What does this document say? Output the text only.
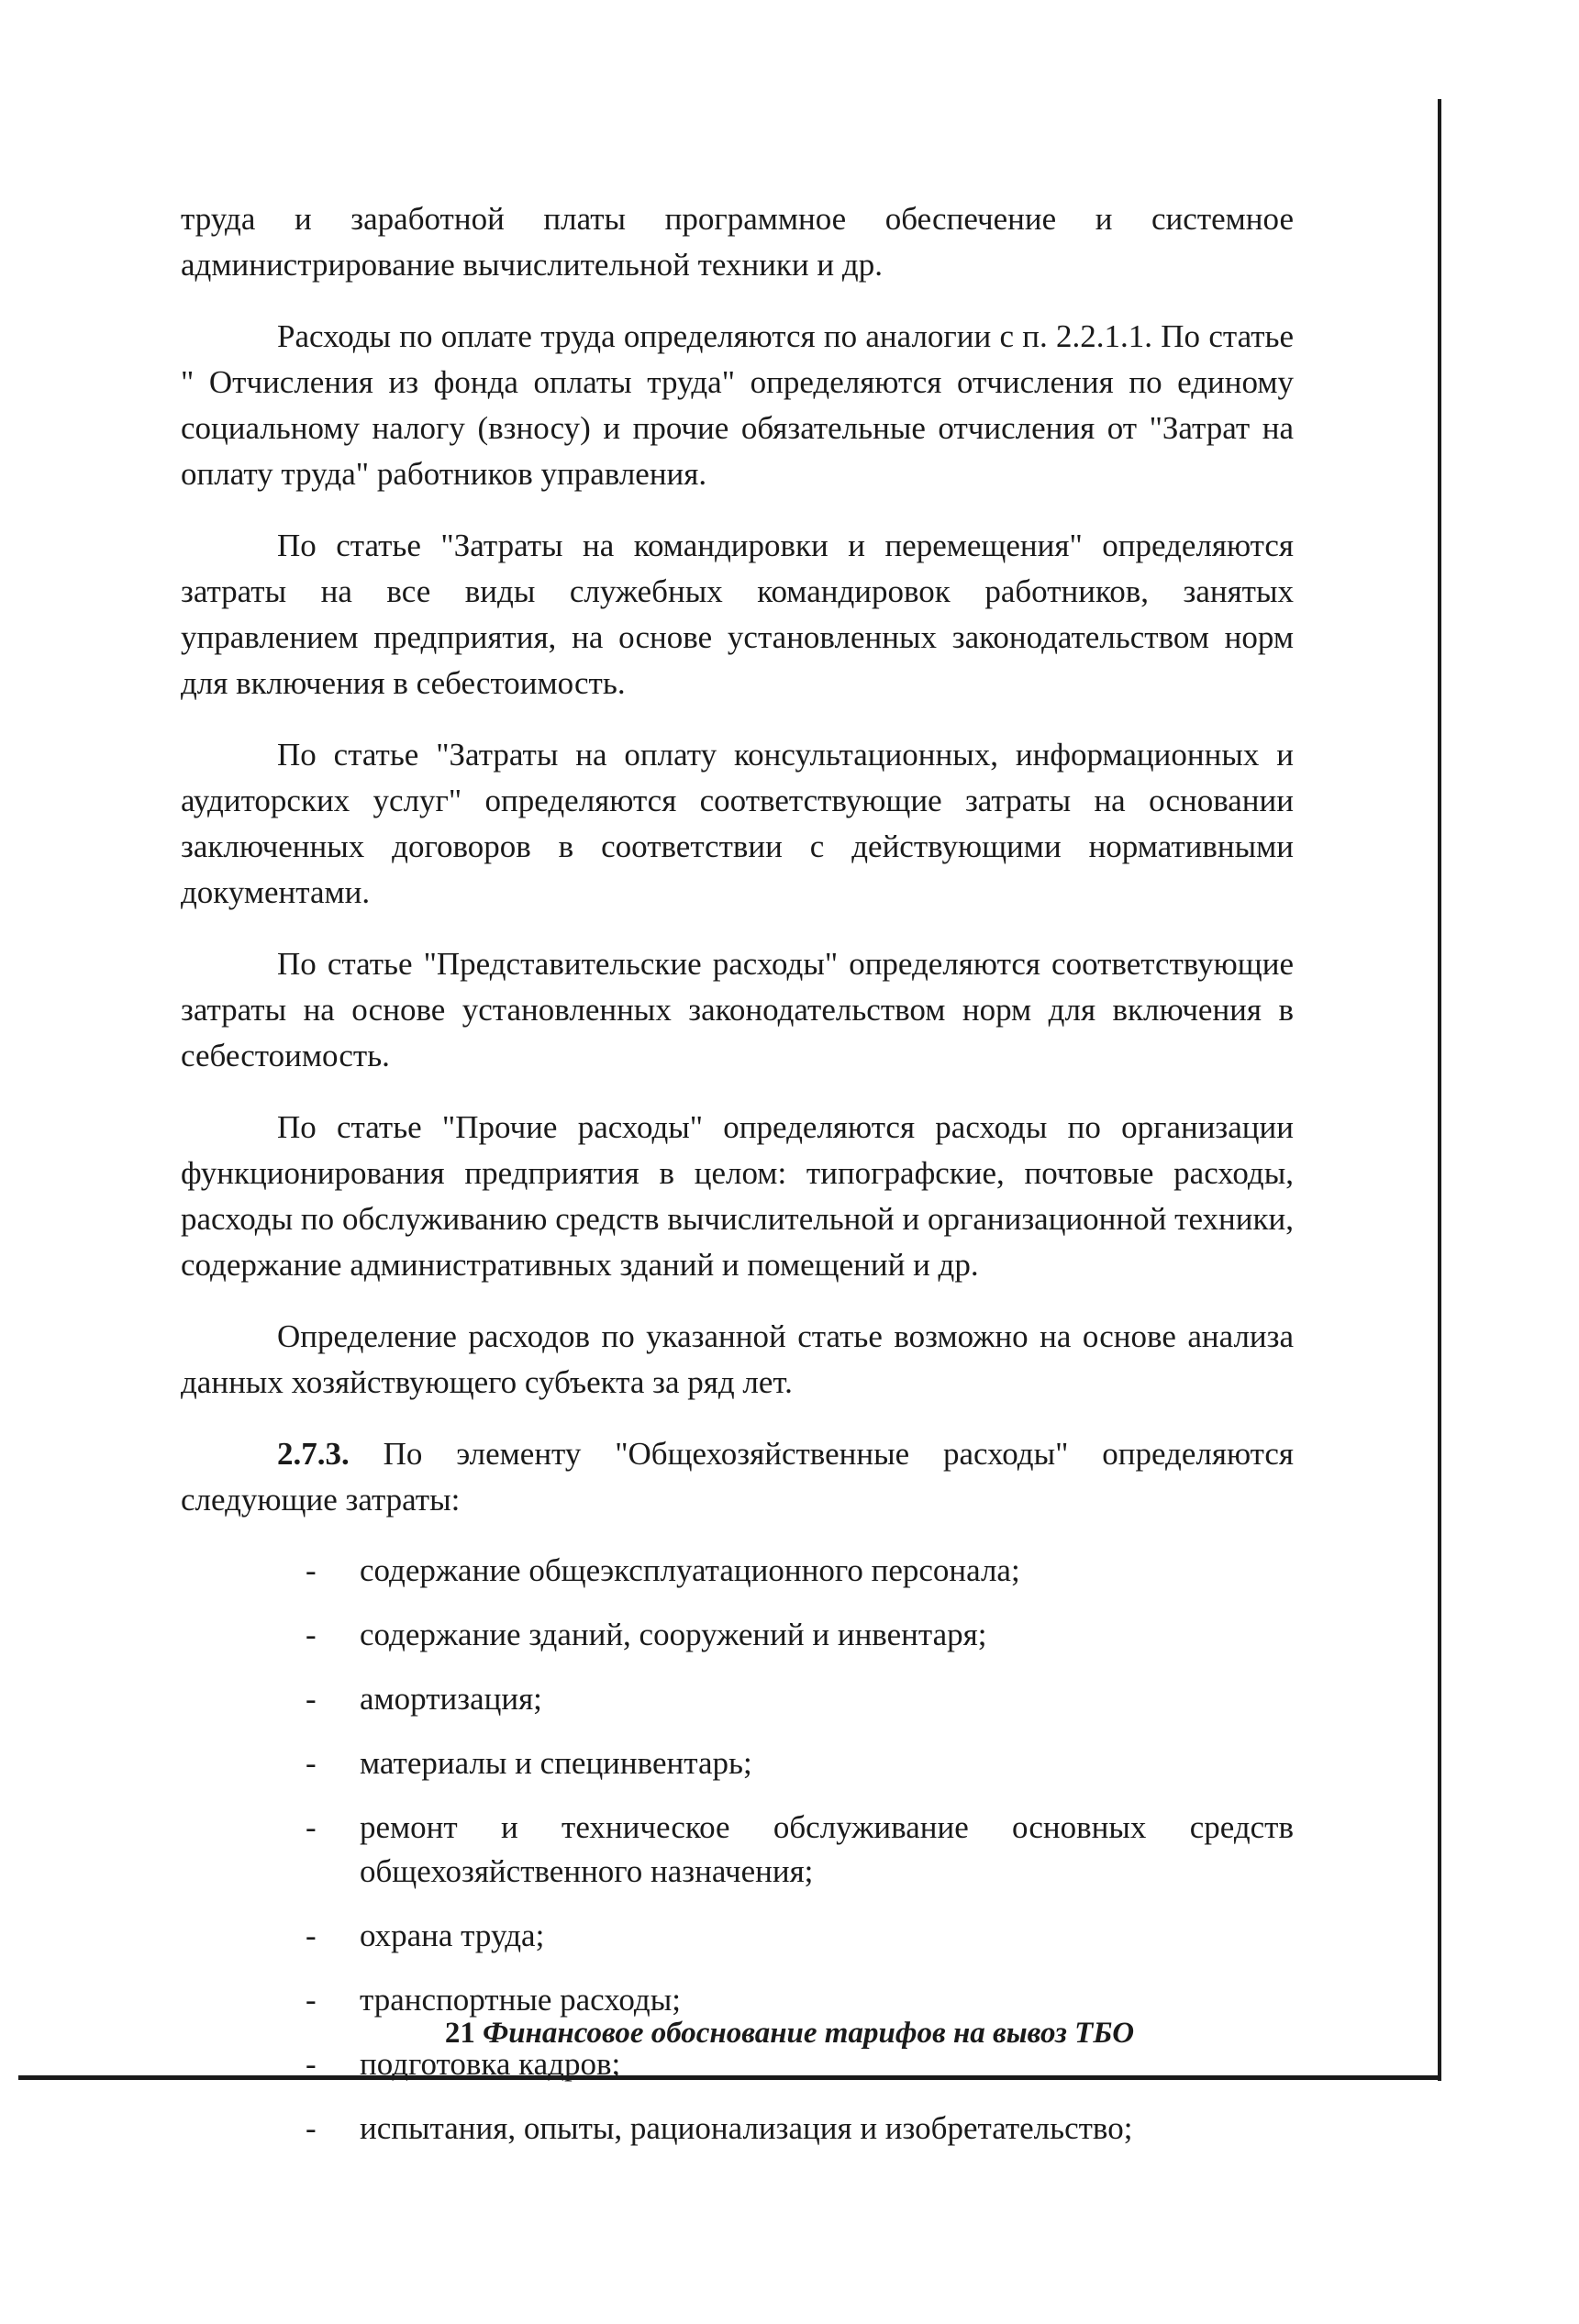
труда и заработной платы программное обеспечение и системное администрирование вычислительной техники и др.

Расходы по оплате труда определяются по аналогии с п. 2.2.1.1. По статье " Отчисления из фонда оплаты труда" определяются отчисления по единому социальному налогу (взносу) и прочие обязательные отчисления от "Затрат на оплату труда" работников управления.

По статье "Затраты на командировки и перемещения" определяются затраты на все виды служебных командировок работников, занятых управлением предприятия, на основе установленных законодательством норм для включения в себестоимость.

По статье "Затраты на оплату консультационных, информационных и аудиторских услуг" определяются соответствующие затраты на основании заключенных договоров в соответствии с действующими нормативными документами.

По статье "Представительские расходы" определяются соответствующие затраты на основе установленных законодательством норм для включения в себестоимость.

По статье "Прочие расходы" определяются расходы по организации функционирования предприятия в целом: типографские, почтовые расходы, расходы по обслуживанию средств вычислительной и организационной техники, содержание административных зданий и помещений и др.

Определение расходов по указанной статье возможно на основе анализа данных хозяйствующего субъекта за ряд лет.

2.7.3. По элементу "Общехозяйственные расходы" определяются следующие затраты:

- содержание общеэксплуатационного персонала;
- содержание зданий, сооружений и инвентаря;
- амортизация;
- материалы и специнвентарь;
- ремонт и техническое обслуживание основных средств общехозяйственного назначения;
- охрана труда;
- транспортные расходы;
- подготовка кадров;
- испытания, опыты, рационализация и изобретательство;
21 Финансовое обоснование тарифов на вывоз ТБО
